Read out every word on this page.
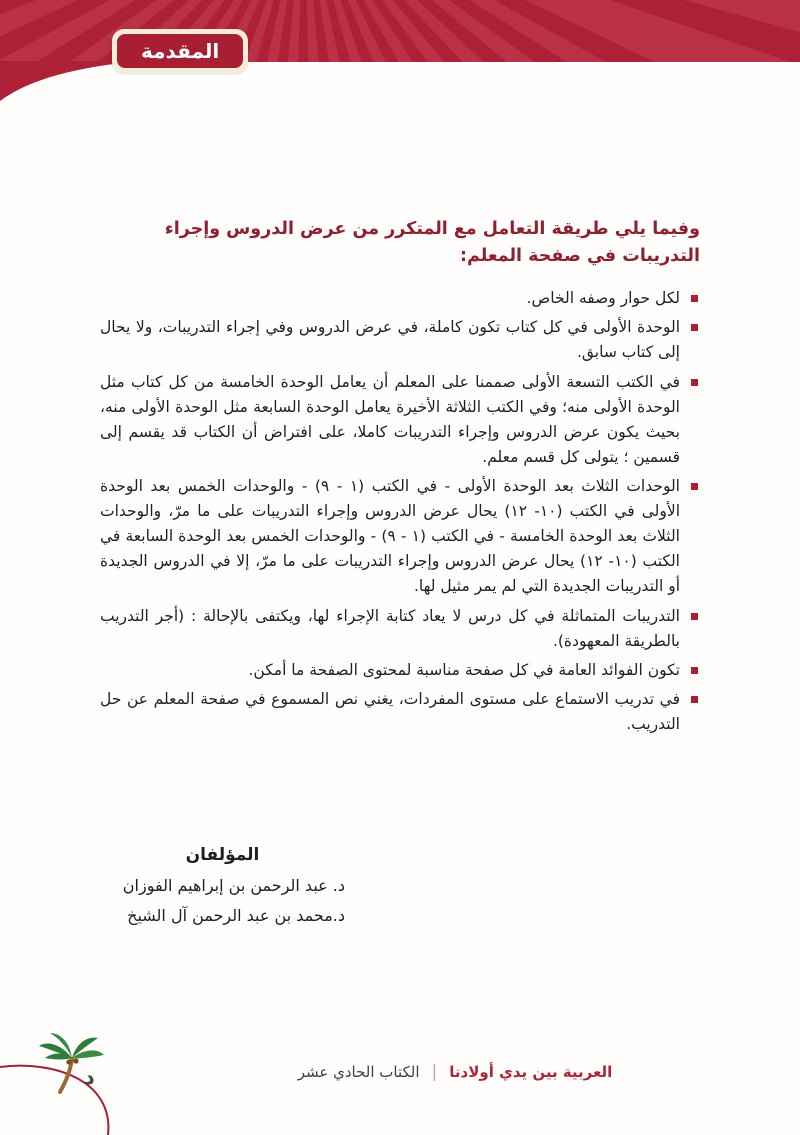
المقدمة
وفيما يلي طريقة التعامل مع المتكرر من عرض الدروس وإجراء التدريبات في صفحة المعلم:
لكل حوار وصفه الخاص.
الوحدة الأولى في كل كتاب تكون كاملة، في عرض الدروس وفي إجراء التدريبات، ولا يحال إلى كتاب سابق.
في الكتب التسعة الأولى صممنا على المعلم أن يعامل الوحدة الخامسة من كل كتاب مثل الوحدة الأولى منه؛ وفي الكتب الثلاثة الأخيرة يعامل الوحدة السابعة مثل الوحدة الأولى منه، بحيث يكون عرض الدروس وإجراء التدريبات كاملا، على افتراض أن الكتاب قد يقسم إلى قسمين ؛ يتولى كل قسم معلم.
الوحدات الثلاث بعد الوحدة الأولى - في الكتب (١ - ٩) - والوحدات الخمس بعد الوحدة الأولى في الكتب (١٠- ١٢) يحال عرض الدروس وإجراء التدريبات على ما مرّ، والوحدات الثلاث بعد الوحدة الخامسة - في الكتب (١ - ٩) - والوحدات الخمس بعد الوحدة السابعة في الكتب (١٠- ١٢) يحال عرض الدروس وإجراء التدريبات على ما مرّ، إلا في الدروس الجديدة أو التدريبات الجديدة التي لم يمر مثيل لها.
التدريبات المتماثلة في كل درس لا يعاد كتابة الإجراء لها، ويكتفى بالإحالة : (أجر التدريب بالطريقة المعهودة).
تكون الفوائد العامة في كل صفحة مناسبة لمحتوى الصفحة ما أمكن.
في تدريب الاستماع على مستوى المفردات، يغني نص المسموع في صفحة المعلم عن حل التدريب.
المؤلفان
د. عبد الرحمن بن إبراهيم الفوزان
د.محمد بن عبد الرحمن آل الشيخ
العربية بين يدي أولادنا
|
الكتاب الحادي عشر
د
